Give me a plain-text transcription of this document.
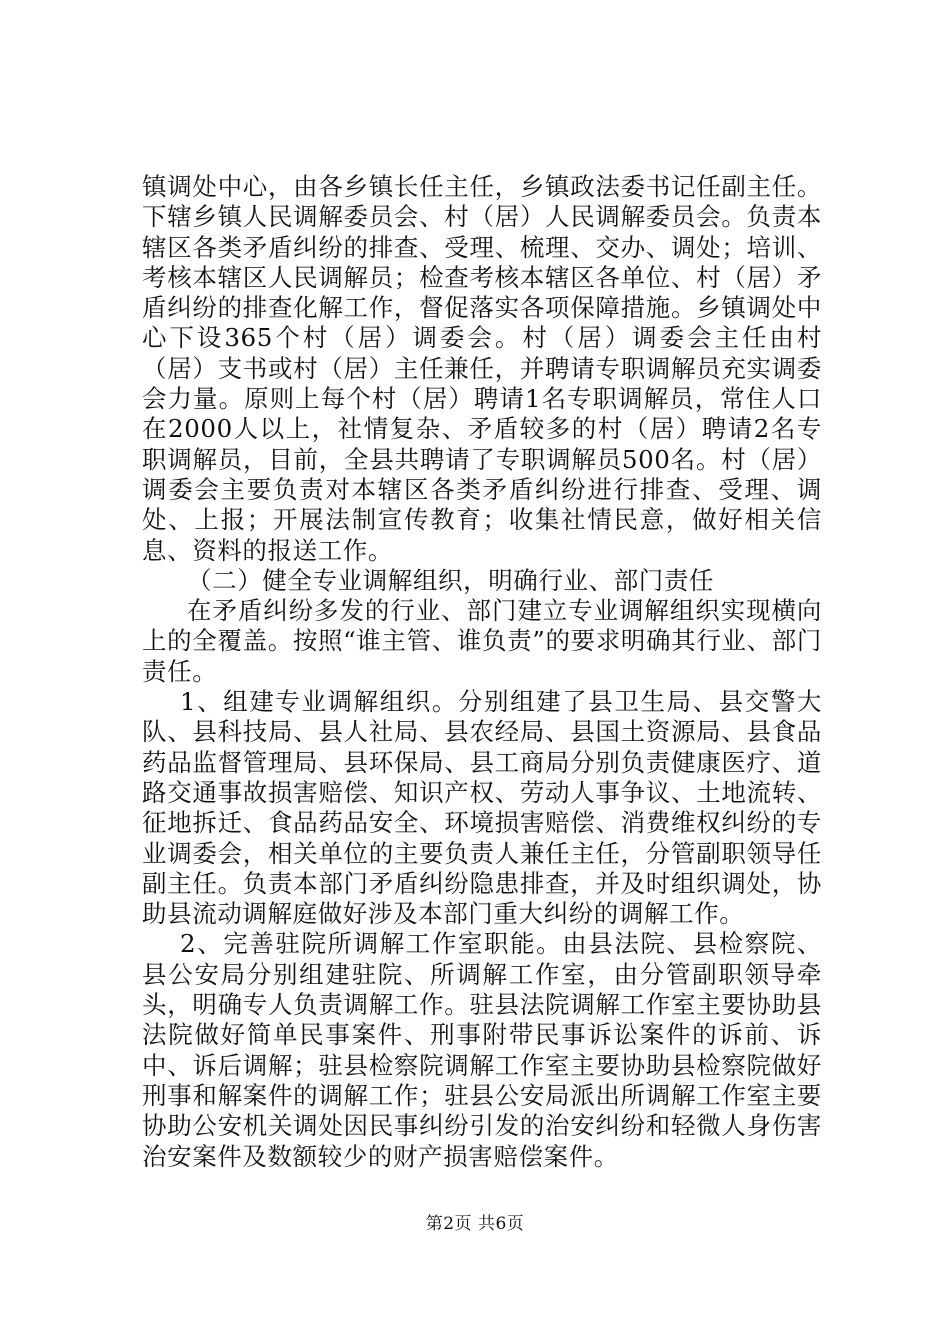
镇调处中心，由各乡镇长任主任，乡镇政法委书记任副主任。下辖乡镇人民调解委员会、村（居）人民调解委员会。负责本辖区各类矛盾纠纷的排查、受理、梳理、交办、调处；培训、考核本辖区人民调解员；检查考核本辖区各单位、村（居）矛盾纠纷的排查化解工作，督促落实各项保障措施。乡镇调处中心下设365个村（居）调委会。村（居）调委会主任由村（居）支书或村（居）主任兼任，并聘请专职调解员充实调委会力量。原则上每个村（居）聘请1名专职调解员，常住人口在2000人以上，社情复杂、矛盾较多的村（居）聘请2名专职调解员，目前，全县共聘请了专职调解员500名。村（居）调委会主要负责对本辖区各类矛盾纠纷进行排查、受理、调处、上报；开展法制宣传教育；收集社情民意，做好相关信息、资料的报送工作。

（二）健全专业调解组织，明确行业、部门责任

在矛盾纠纷多发的行业、部门建立专业调解组织实现横向上的全覆盖。按照“谁主管、谁负责”的要求明确其行业、部门责任。

1、组建专业调解组织。分别组建了县卫生局、县交警大队、县科技局、县人社局、县农经局、县国土资源局、县食品药品监督管理局、县环保局、县工商局分别负责健康医疗、道路交通事故损害赔偿、知识产权、劳动人事争议、土地流转、征地拆迁、食品药品安全、环境损害赔偿、消费维权纠纷的专业调委会，相关单位的主要负责人兼任主任，分管副职领导任副主任。负责本部门矛盾纠纷隐患排查，并及时组织调处，协助县流动调解庭做好涉及本部门重大纠纷的调解工作。

2、完善驻院所调解工作室职能。由县法院、县检察院、县公安局分别组建驻院、所调解工作室，由分管副职领导牵头，明确专人负责调解工作。驻县法院调解工作室主要协助县法院做好简单民事案件、刑事附带民事诉讼案件的诉前、诉中、诉后调解；驻县检察院调解工作室主要协助县检察院做好刑事和解案件的调解工作；驻县公安局派出所调解工作室主要协助公安机关调处因民事纠纷引发的治安纠纷和轻微人身伤害治安案件及数额较少的财产损害赔偿案件。

第2页 共6页
